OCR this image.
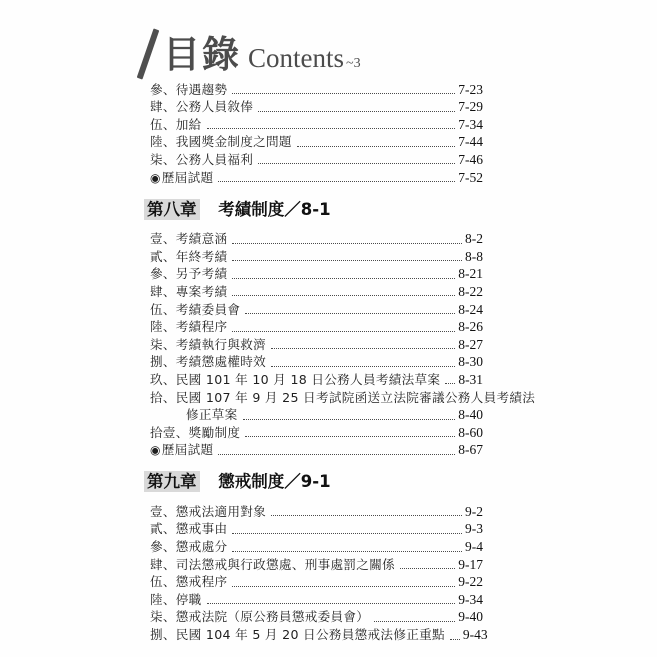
目錄 Contents ~3
參、待遇趨勢	7-23
肆、公務人員敘俸	7-29
伍、加給	7-34
陸、我國獎金制度之問題	7-44
柒、公務人員福利	7-46
◉歷屆試題	7-52
第八章 考績制度／8-1
壹、考績意涵	8-2
貳、年終考績	8-8
參、另予考績	8-21
肆、專案考績	8-22
伍、考績委員會	8-24
陸、考績程序	8-26
柒、考績執行與救濟	8-27
捌、考績懲處權時效	8-30
玖、民國 101 年 10 月 18 日公務人員考績法草案 8-31
拾、民國 107 年 9 月 25 日考試院函送立法院審議公務人員考績法
修正草案	8-40
拾壹、獎勵制度	8-60
◉歷屆試題	8-67
第九章 懲戒制度／9-1
壹、懲戒法適用對象	9-2
貳、懲戒事由	9-3
參、懲戒處分	9-4
肆、司法懲戒與行政懲處、刑事處罰之關係	9-17
伍、懲戒程序	9-22
陸、停職	9-34
柒、懲戒法院（原公務員懲戒委員會）	9-40
捌、民國 104 年 5 月 20 日公務員懲戒法修正重點 9-43
